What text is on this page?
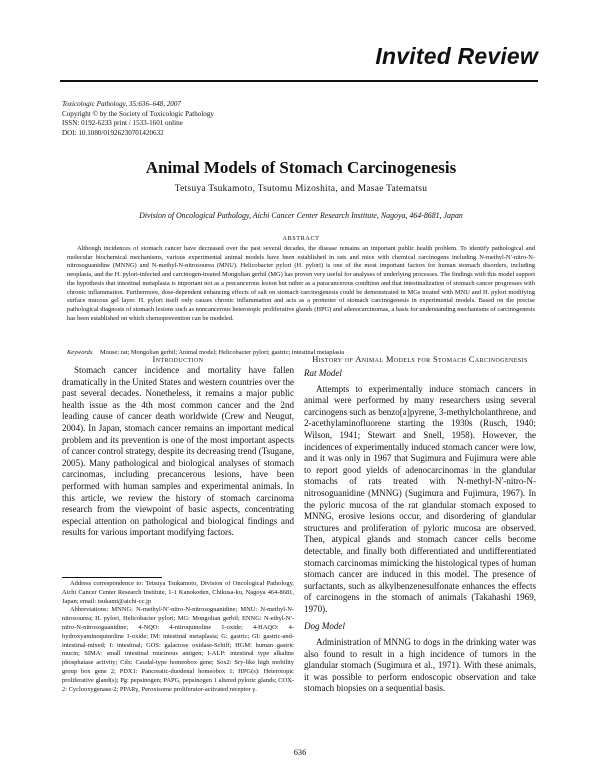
Invited Review
Toxicologic Pathology, 35:636–648, 2007
Copyright © by the Society of Toxicologic Pathology
ISSN: 0192-6233 print / 1533-1601 online
DOI: 10.1080/01926230701420632
Animal Models of Stomach Carcinogenesis
Tetsuya Tsukamoto, Tsutomu Mizoshita, and Masae Tatematsu
Division of Oncological Pathology, Aichi Cancer Center Research Institute, Nagoya, 464-8681, Japan
ABSTRACT
Although incidences of stomach cancer have decreased over the past several decades, the disease remains an important public health problem. To identify pathological and molecular biochemical mechanisms, various experimental animal models have been established in rats and mice with chemical carcinogens including N-methyl-N′-nitro-N-nitrosoguanidine (MNNG) and N-methyl-N-nitrosourea (MNU). Helicobacter pylori (H. pylori) is one of the most important factors for human stomach disorders, including neoplasia, and the H. pylori-infected and carcinogen-treated Mongolian gerbil (MG) has proven very useful for analyses of underlying processes. The findings with this model support the hypothesis that intestinal metaplasia is important not as a precancerous lesion but rather as a paracancerous condition and that intestinalization of stomach cancer progresses with chronic inflammation. Furthermore, dose-dependent enhancing effects of salt on stomach carcinogenesis could be demonstrated in MGs treated with MNU and H. pylori modifying surface mucous gel layer. H. pylori itself only causes chronic inflammation and acts as a promoter of stomach carcinogenesis in experimental models. Based on the precise pathological diagnosis of stomach lesions such as noncancerous heterotopic proliferative glands (HPG) and adenocarcinomas, a basis for understanding mechanisms of carcinogenesis has been established on which chemoprevention can be modeled.
Keywords. Mouse; rat; Mongolian gerbil; Animal model; Helicobacter pylori; gastric; intestinal metaplasia
Introduction

Stomach cancer incidence and mortality have fallen dramatically in the United States and western countries over the past several decades. Nonetheless, it remains a major public health issue as the 4th most common cancer and the 2nd leading cause of cancer death worldwide (Crew and Neugut, 2004). In Japan, stomach cancer remains an important medical problem and its prevention is one of the most important aspects of cancer control strategy, despite its decreasing trend (Tsugane, 2005). Many pathological and biological analyses of stomach carcinomas, including precancerous lesions, have been performed with human samples and experimental animals. In this article, we review the history of stomach carcinoma research from the viewpoint of basic aspects, concentrating especial attention on pathological and biological findings and results for various important modifying factors.

Address correspondence to: Tetsuya Tsukamoto, Division of Oncological Pathology, Aichi Cancer Center Research Institute, 1-1 Kanokoden, Chikusa-ku, Nagoya 464-8681, Japan; email: tsukamt@aichi-cc.jp

Abbreviations: MNNG: N-methyl-N′-nitro-N-nitrosoguanidine; MNU: N-methyl-N-nitrosourea; H. pylori, Helicobacter pylori; MG: Mongolian gerbil; ENNG: N-ethyl-N′-nitro-N-nitrosoguanidine; 4-NQO: 4-nitroquinoline 1-oxide; 4-HAQO: 4-hydroxyaminoquinoline 1-oxide; IM: intestinal metaplasia; G: gastric; GI: gastric-and-intestinal-mixed; I: intestinal; GOS: galactose oxidase-Schiff; HGM: human gastric mucin; SIMA: small intestinal mucinous antigen; I-ALP: intestinal type alkaline phosphatase activity; Cdx: Caudal-type homeobox gene; Sox2: Sry-like high mobility group box gene 2; PDX1: Pancreatic-duodenal homeobox 1; HPG(s): Heterotopic proliferative gland(s); Pg: pepsinogen; PAPG, pepsinogen 1 altered pyloric glands; COX-2: Cyclooxygenase-2; PPARγ, Peroxisome proliferator-activated receptor γ.

History of Animal Models for Stomach Carcinogenesis
Rat Model

Attempts to experimentally induce stomach cancers in animal were performed by many researchers using several carcinogens such as benzo[a]pyrene, 3-methylcholanthrene, and 2-acethylaminofluorene starting the 1930s (Rusch, 1940; Wilson, 1941; Stewart and Snell, 1958). However, the incidences of experimentally induced stomach cancer were low, and it was only in 1967 that Sugimura and Fujimura were able to report good yields of adenocarcinomas in the glandular stomachs of rats treated with N-methyl-N′-nitro-N-nitrosoguanidine (MNNG) (Sugimura and Fujimura, 1967). In the pyloric mucosa of the rat glandular stomach exposed to MNNG, erosive lesions occur, and disordering of glandular structures and proliferation of pyloric mucosa are observed. Then, atypical glands and stomach cancer cells become detectable, and finally both differentiated and undifferentiated stomach carcinomas mimicking the histological types of human stomach cancer are induced in this model. The presence of surfactants, such as alkylbenzenesulfonate enhances the effects of carcinogens in the stomach of animals (Takahashi 1969, 1970).

Dog Model

Administration of MNNG to dogs in the drinking water was also found to result in a high incidence of tumors in the glandular stomach (Sugimura et al., 1971). With these animals, it was possible to perform endoscopic observation and take stomach biopsies on a sequential basis.

636
